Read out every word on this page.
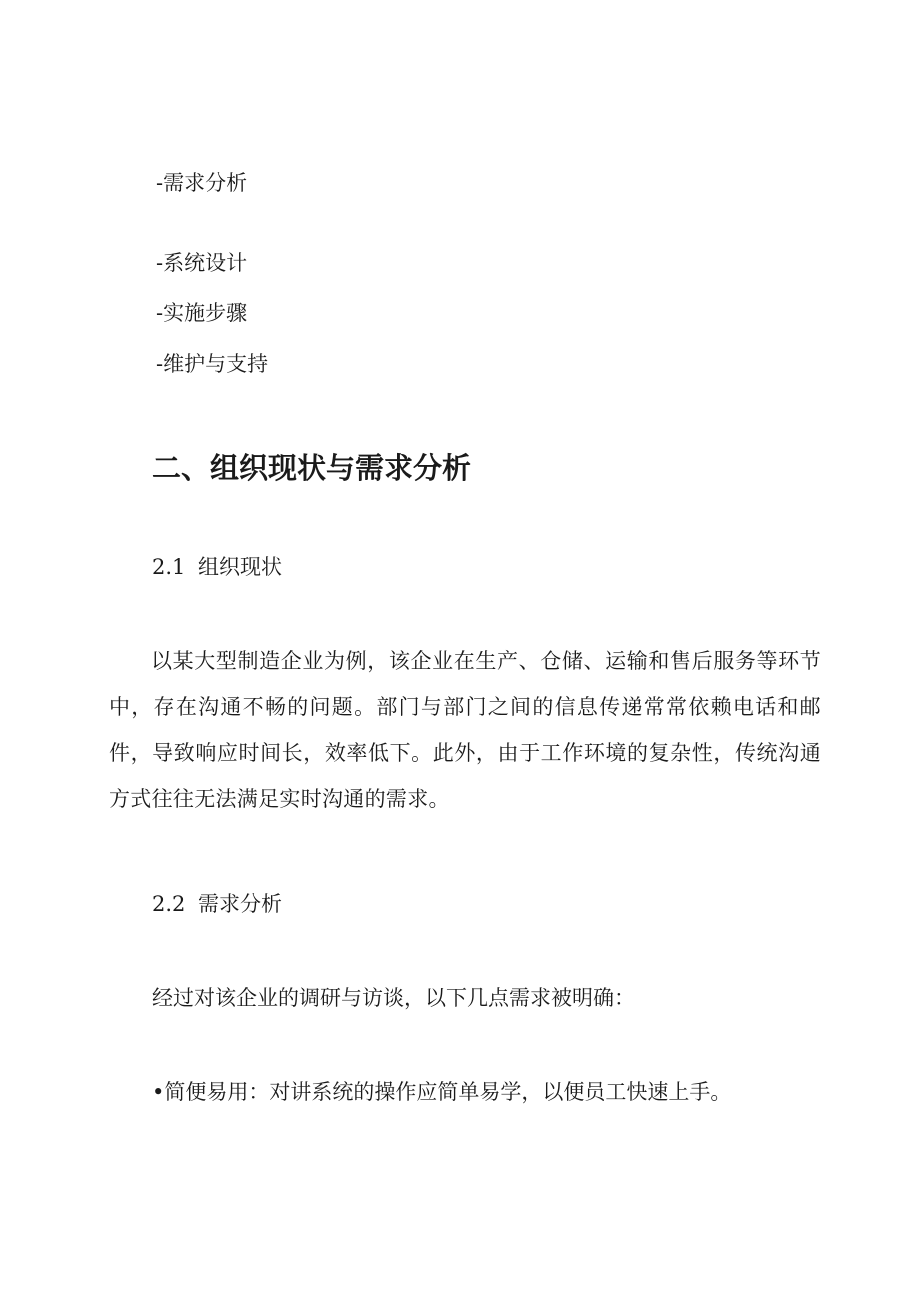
-需求分析
-系统设计
-实施步骤
-维护与支持
二、组织现状与需求分析
2.1 组织现状
以某大型制造企业为例，该企业在生产、仓储、运输和售后服务等环节中，存在沟通不畅的问题。部门与部门之间的信息传递常常依赖电话和邮件，导致响应时间长，效率低下。此外，由于工作环境的复杂性，传统沟通方式往往无法满足实时沟通的需求。
2.2 需求分析
经过对该企业的调研与访谈，以下几点需求被明确：
•简便易用：对讲系统的操作应简单易学，以便员工快速上手。
